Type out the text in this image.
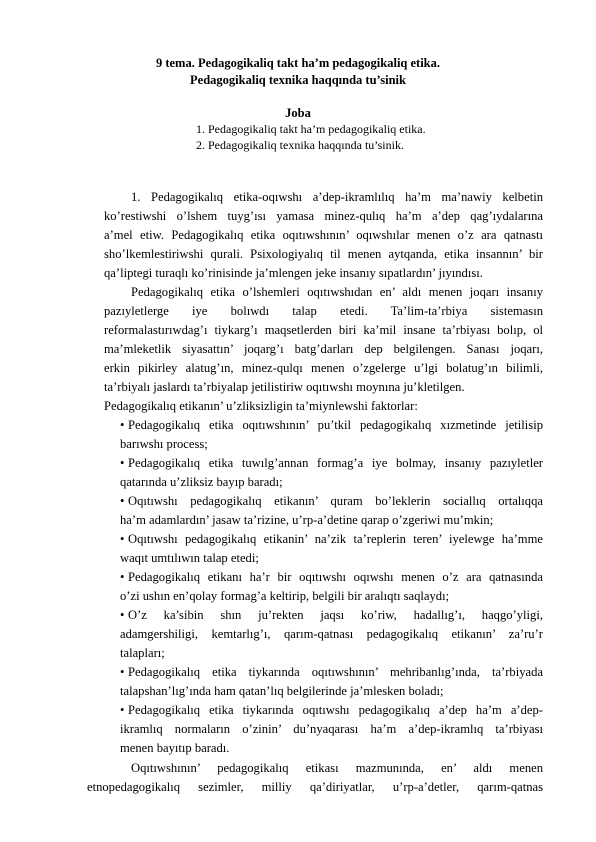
9 tema. Pedagogikaliq takt ha’m pedagogikaliq etika.
Pedagogikaliq texnika haqqında tu’sinik
Joba
1. Pedagogikaliq takt ha’m pedagogikaliq etika.
2. Pedagogikaliq texnika haqqında tu’sinik.
1. Pedagogikalıq etika-oqıwshı a’dep-ikramlılıq ha’m ma’nawiy kelbetin
ko’restiwshi o’lshem tuyg’ısı yamasa minez-qulıq ha’m a’dep qag’ıydalarına
a’mel etiw. Pedagogikalıq etika oqıtıwshının’ oqıwshılar menen o’z ara qatnastı
sho’lkemlestiriwshi qurali. Psixologiyalıq til menen aytqanda, etika insannın’ bir
qa’liptegi turaqlı ko’rinisinde ja’mlengen jeke insanıy sıpatlardın’ jıyındısı.
Pedagogikalıq etika o’lshemleri oqıtıwshıdan en’ aldı menen joqarı insanıy
pazıyletlerge iye bolıwdı talap etedi. Ta’lim-ta’rbiya sistemasın
reformalastırıwdag’ı tiykarg’ı maqsetlerden biri ka’mil insane ta’rbiyası bolıp, ol
ma’mleketlik siyasattın’ joqarg’ı batg’darları dep belgilengen. Sanası joqarı,
erkin pikirley alatug’ın, minez-qulqı menen o’zgelerge u’lgi bolatug’ın bilimli,
ta’rbiyalı jaslardı ta’rbiyalap jetilistiriw oqıtıwshı moynına ju’kletilgen.
Pedagogikalıq etikanın’ u’zliksizligin ta’miynlewshi faktorlar:
• Pedagogikalıq etika oqıtıwshının’ pu’tkil pedagogikalıq xızmetinde jetilisip
barıwshı process;
• Pedagogikalıq etika tuwılg’annan formag’a iye bolmay, insanıy pazıyletler
qatarında u’zliksiz bayıp baradı;
• Oqıtıwshı pedagogikalıq etikanın’ quram bo’leklerin sociallıq ortalıqqa
ha’m adamlardın’ jasaw ta’rizine, u’rp-a’detine qarap o’zgeriwi mu’mkin;
• Oqıtıwshı pedagogikalıq etikanin’ na’zik ta’replerin teren’ iyelewge ha’mme
waqıt umtılıwın talap etedi;
• Pedagogikalıq etikanı ha’r bir oqıtıwshı oqıwshı menen o’z ara qatnasında
o’zi ushın en’qolay formag’a keltirip, belgili bir aralıqtı saqlaydı;
• O’z ka’sibin shın ju’rekten jaqsı ko’riw, hadallıg’ı, haqgo’yligi,
adamgershiligi, kemtarlıg’ı, qarım-qatnası pedagogikalıq etikanın’ za’ru’r
talapları;
• Pedagogikalıq etika tiykarında oqıtıwshının’ mehribanlıg’ında, ta’rbiyada
talapshan’lıg’ında ham qatan’lıq belgilerinde ja’mlesken boladı;
• Pedagogikalıq etika tiykarında oqıtıwshı pedagogikalıq a’dep ha’m a’dep-
ikramlıq normaların o’zinin’ du’nyaqarası ha’m a’dep-ikramlıq ta’rbiyası
menen bayıtıp baradı.
Oqıtıwshının’ pedagogikalıq etikası mazmunında, en’ aldı menen
etnopedagogikalıq sezimler, milliy qa’diriyatlar, u’rp-a’detler, qarım-qatnas
